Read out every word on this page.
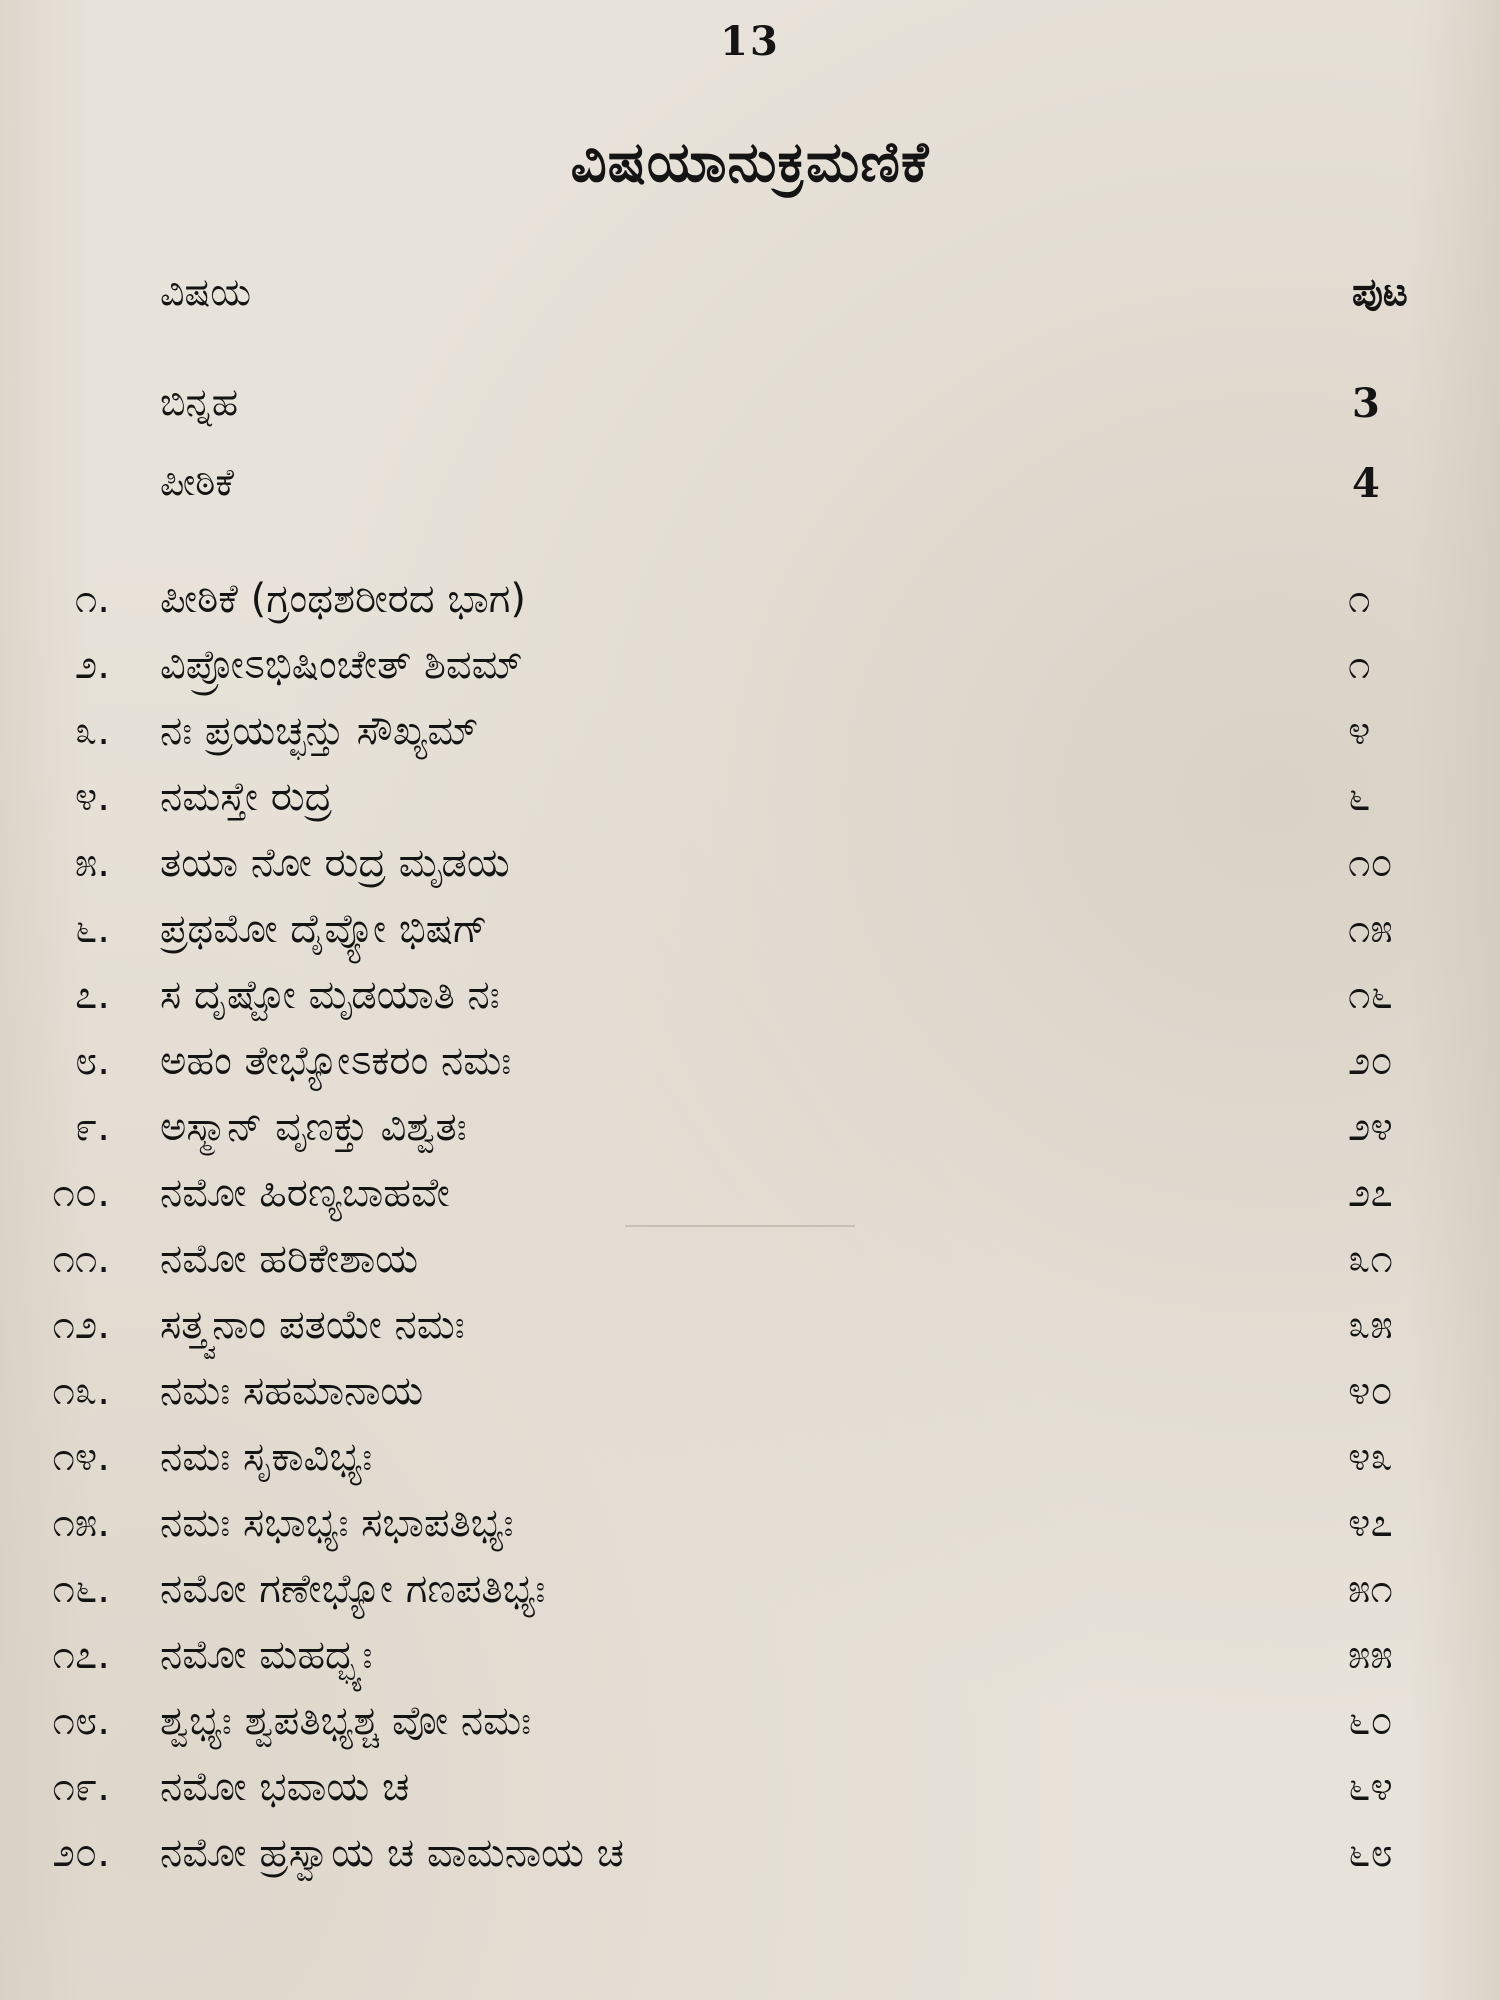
13
ವಿಷಯಾನುಕ್ರಮಣಿಕೆ
ವಿಷಯ	ಪುಟ
ಬಿನ್ನಹ	3
ಪೀಠಿಕೆ	4
೧. ಪೀಠಿಕೆ (ಗ್ರಂಥಶರೀರದ ಭಾಗ)	೧
೨. ವಿಪ್ರೋಽಭಿಷಿಂಚೇತ್ ಶಿವಮ್	೧
೩. ನಃ ಪ್ರಯಚ್ಛನ್ತು ಸೌಖ್ಯಮ್	೪
೪. ನಮಸ್ತೇ ರುದ್ರ	೬
೫. ತಯಾ ನೋ ರುದ್ರ ಮೃಡಯ	೧೦
೬. ಪ್ರಥಮೋ ದೈವ್ಯೋ ಭಿಷಗ್	೧೫
೭. ಸ ದೃಷ್ಟೋ ಮೃಡಯಾತಿ ನಃ	೧೬
೮. ಅಹಂ ತೇಭ್ಯೋಽಕರಂ ನಮಃ	೨೦
೯. ಅಸ್ಮಾನ್ ವೃಣಕ್ತು ವಿಶ್ವತಃ	೨೪
೧೦. ನಮೋ ಹಿರಣ್ಯಬಾಹವೇ	೨೭
೧೧. ನಮೋ ಹರಿಕೇಶಾಯ	೩೧
೧೨. ಸತ್ತ್ವನಾಂ ಪತಯೇ ನಮಃ	೩೫
೧೩. ನಮಃ ಸಹಮಾನಾಯ	೪೦
೧೪. ನಮಃ ಸೃಕಾವಿಭ್ಯಃ	೪೩
೧೫. ನಮಃ ಸಭಾಭ್ಯಃ ಸಭಾಪತಿಭ್ಯಃ	೪೭
೧೬. ನಮೋ ಗಣೇಭ್ಯೋ ಗಣಪತಿಭ್ಯಃ	೫೧
೧೭. ನಮೋ ಮಹದ್ಭ್ಯಃ	೫೫
೧೮. ಶ್ವಭ್ಯಃ ಶ್ವಪತಿಭ್ಯಶ್ಚ ವೋ ನಮಃ	೬೦
೧೯. ನಮೋ ಭವಾಯ ಚ	೬೪
೨೦. ನಮೋ ಹ್ರಸ್ವಾಯ ಚ ವಾಮನಾಯ ಚ	೬೮
